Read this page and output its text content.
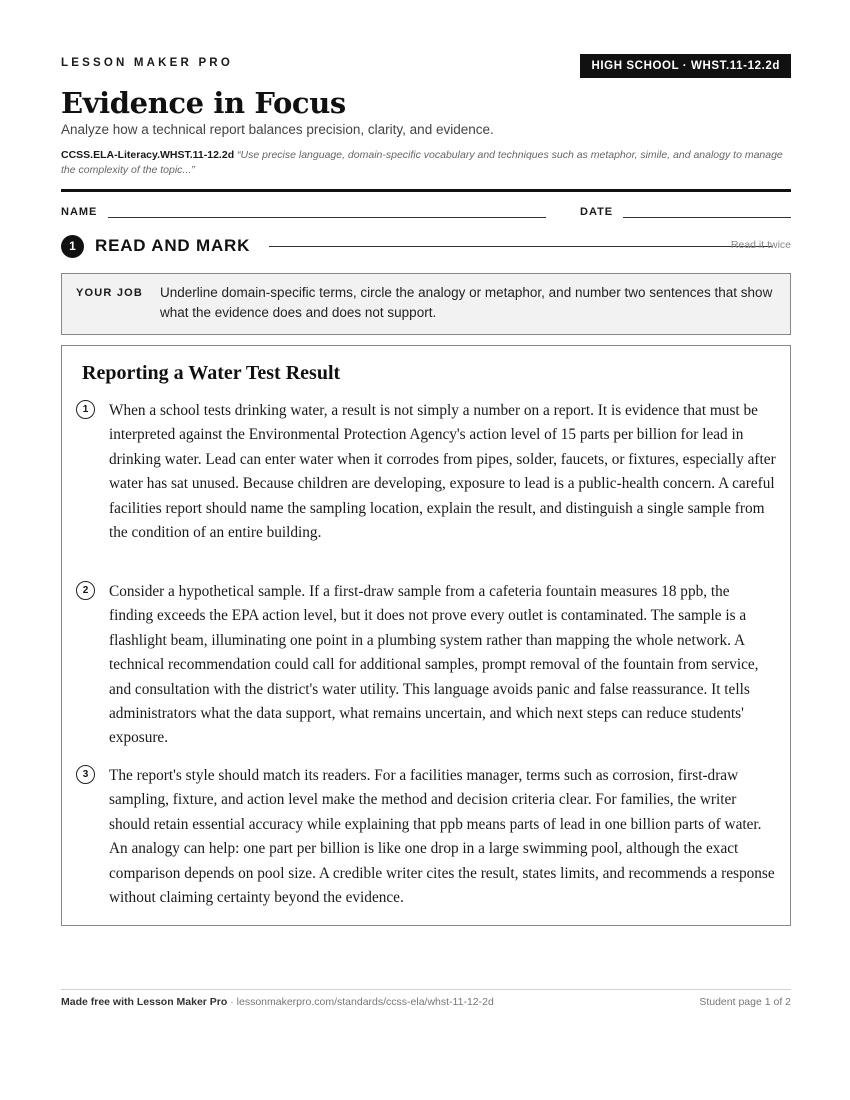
LESSON MAKER PRO	HIGH SCHOOL · WHST.11-12.2d
Evidence in Focus
Analyze how a technical report balances precision, clarity, and evidence.
CCSS.ELA-Literacy.WHST.11-12.2d “Use precise language, domain-specific vocabulary and techniques such as metaphor, simile, and analogy to manage the complexity of the topic...”
NAME	DATE
1	READ AND MARK	Read it twice
YOUR JOB Underline domain-specific terms, circle the analogy or metaphor, and number two sentences that show what the evidence does and does not support.
Reporting a Water Test Result
1	When a school tests drinking water, a result is not simply a number on a report. It is evidence that must be interpreted against the Environmental Protection Agency's action level of 15 parts per billion for lead in drinking water. Lead can enter water when it corrodes from pipes, solder, faucets, or fixtures, especially after water has sat unused. Because children are developing, exposure to lead is a public-health concern. A careful facilities report should name the sampling location, explain the result, and distinguish a single sample from the condition of an entire building.

2	Consider a hypothetical sample. If a first-draw sample from a cafeteria fountain measures 18 ppb, the finding exceeds the EPA action level, but it does not prove every outlet is contaminated. The sample is a flashlight beam, illuminating one point in a plumbing system rather than mapping the whole network. A technical recommendation could call for additional samples, prompt removal of the fountain from service, and consultation with the district's water utility. This language avoids panic and false reassurance. It tells administrators what the data support, what remains uncertain, and which next steps can reduce students' exposure.

3	The report's style should match its readers. For a facilities manager, terms such as corrosion, first-draw sampling, fixture, and action level make the method and decision criteria clear. For families, the writer should retain essential accuracy while explaining that ppb means parts of lead in one billion parts of water. An analogy can help: one part per billion is like one drop in a large swimming pool, although the exact comparison depends on pool size. A credible writer cites the result, states limits, and recommends a response without claiming certainty beyond the evidence.

Made free with Lesson Maker Pro · lessonmakerpro.com/standards/ccss-ela/whst-11-12-2d	Student page 1 of 2
